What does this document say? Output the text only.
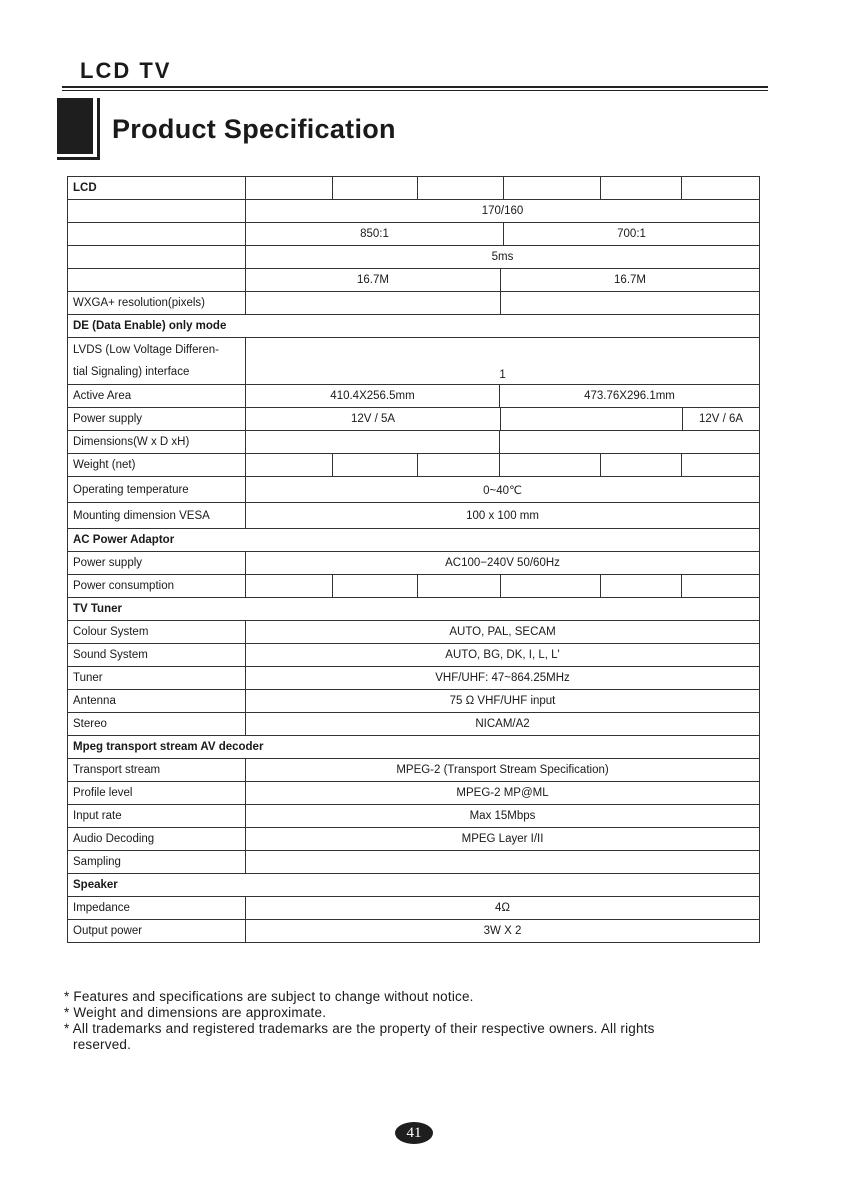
LCD TV
Product Specification
LCD							
	170/160						
	850:1				700:1		
	5ms						
	16.7M			16.7M			
WXGA+ resolution(pixels)							
DE (Data Enable) only mode							

LVDS (Low Voltage Differen-
tial Signaling) interface	1						
Active Area	410.4X256.5mm			473.76X296.1mm			
Power supply	12V / 5A						12V / 6A
Dimensions(W x D xH)							
Weight (net)							
Operating temperature	0~40℃						
Mounting dimension VESA	100 x 100 mm						
AC Power Adaptor							
Power supply	AC100−240V 50/60Hz						
Power consumption							
TV Tuner							
Colour System	AUTO, PAL, SECAM						
Sound System	AUTO, BG, DK, I, L, L'						
Tuner	VHF/UHF: 47~864.25MHz						
Antenna	75 Ω VHF/UHF input						
Stereo	NICAM/A2						
Mpeg transport stream AV decoder							
Transport stream	MPEG-2 (Transport Stream Specification)						
Profile level	MPEG-2 MP@ML						
Input rate	Max 15Mbps						
Audio Decoding	MPEG Layer I/II						
Sampling							
Speaker							
Impedance	4Ω						
Output power	3W X 2						

* Features and specifications are subject to change without notice.

* Weight and dimensions are approximate.

* All trademarks and registered trademarks are the property of their respective owners. All rights

reserved.

41
